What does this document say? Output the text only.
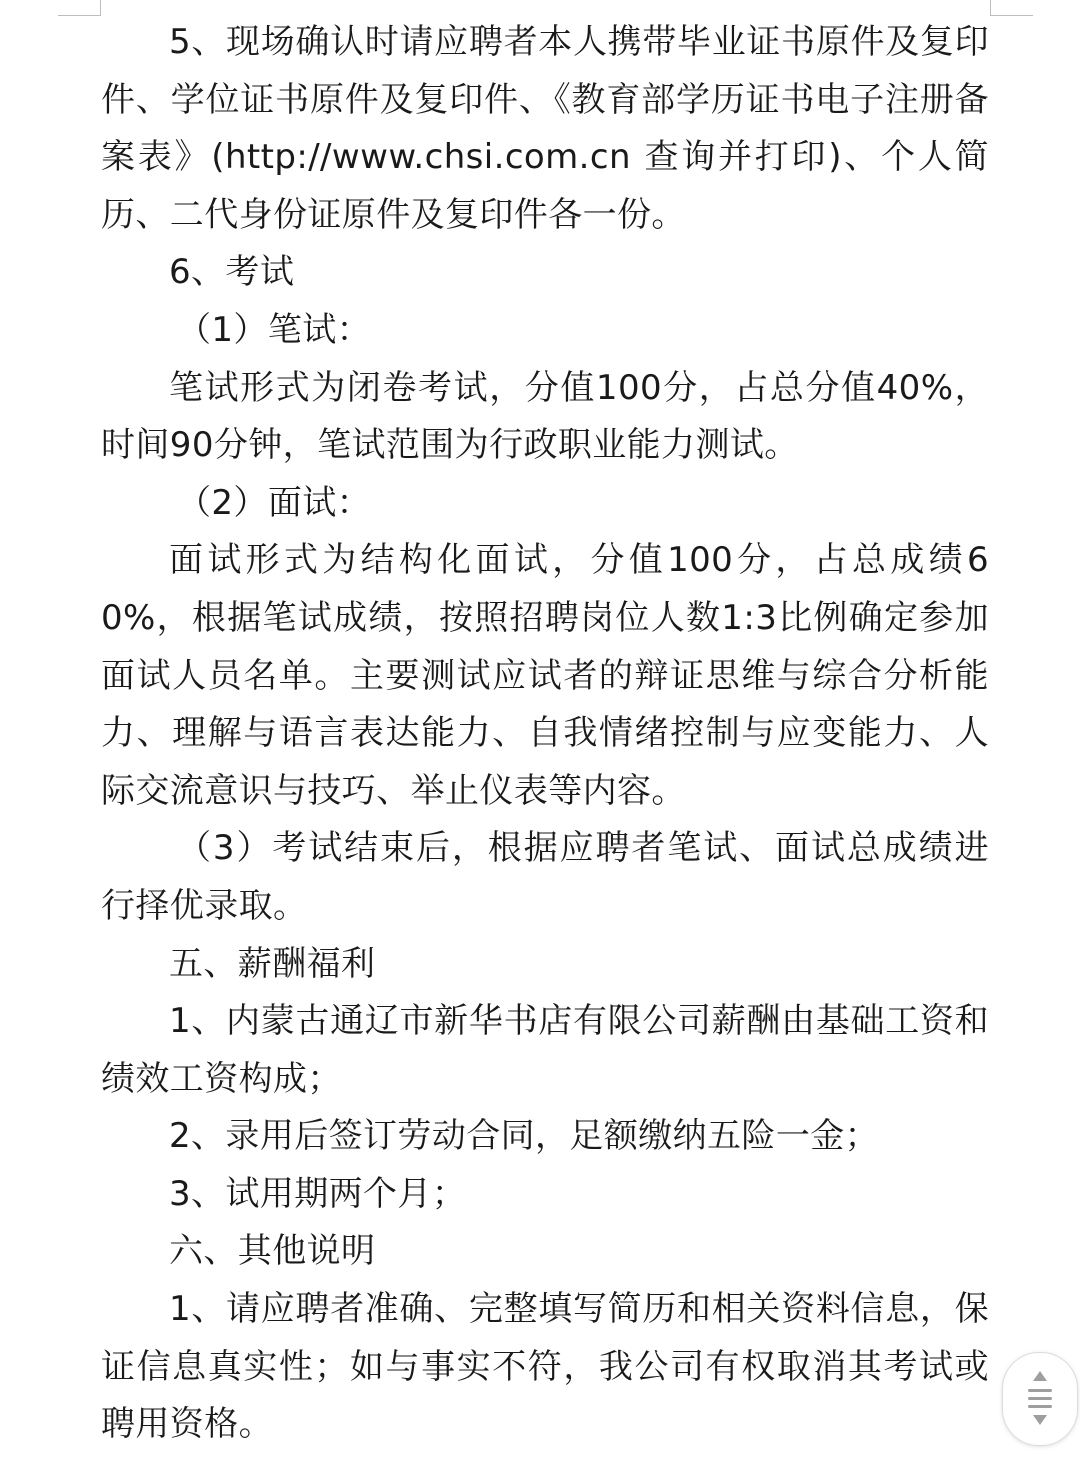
5、现场确认时请应聘者本人携带毕业证书原件及复印件、学位证书原件及复印件、《教育部学历证书电子注册备案表》(http://www.chsi.com.cn 查询并打印)、个人简历、二代身份证原件及复印件各一份。

6、考试

（1）笔试：

笔试形式为闭卷考试，分值100分，占总分值40%，时间90分钟，笔试范围为行政职业能力测试。

（2）面试：

面试形式为结构化面试，分值100分，占总成绩60%，根据笔试成绩，按照招聘岗位人数1:3比例确定参加面试人员名单。主要测试应试者的辩证思维与综合分析能力、理解与语言表达能力、自我情绪控制与应变能力、人际交流意识与技巧、举止仪表等内容。

（3）考试结束后，根据应聘者笔试、面试总成绩进行择优录取。

五、薪酬福利

1、内蒙古通辽市新华书店有限公司薪酬由基础工资和绩效工资构成；

2、录用后签订劳动合同，足额缴纳五险一金；

3、试用期两个月；

六、其他说明

1、请应聘者准确、完整填写简历和相关资料信息，保证信息真实性；如与事实不符，我公司有权取消其考试或聘用资格。
